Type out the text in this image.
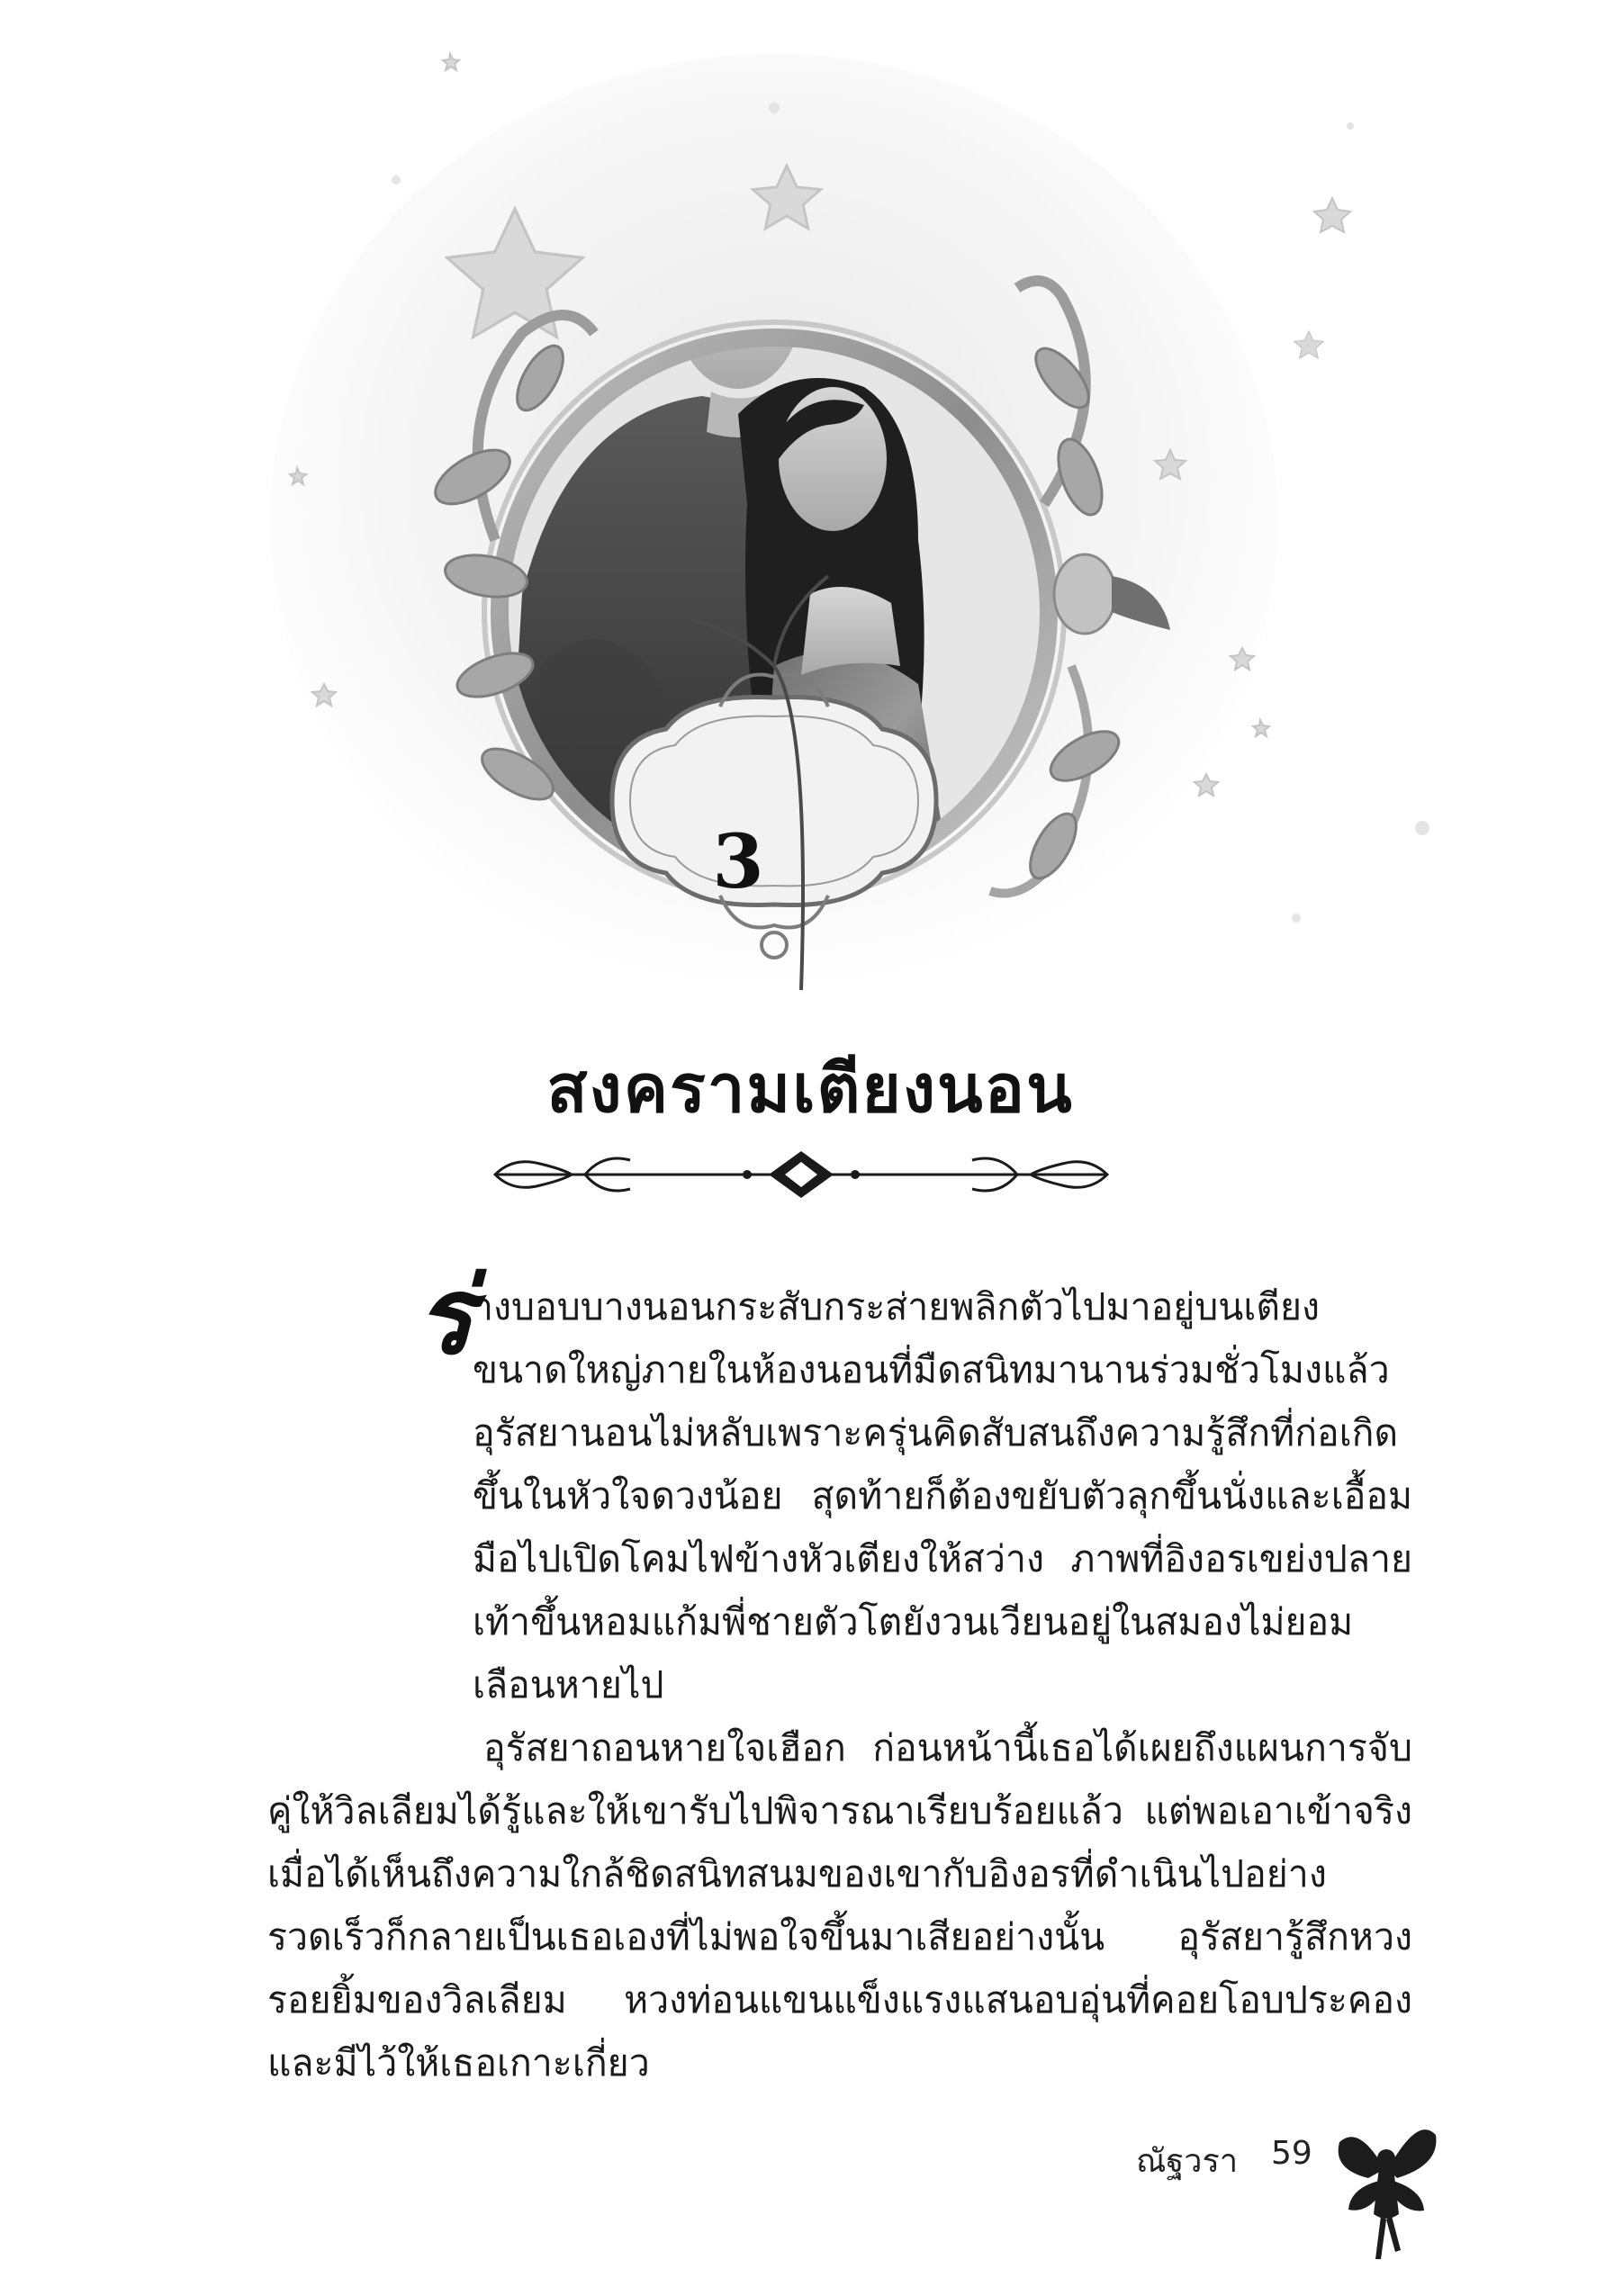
3
สงครามเตียงนอน

ร่ างบอบบางนอนกระสับกระส่ายพลิกตัวไปมาอยู่บนเตียงขนาดใหญ่ภายในห้องนอนที่มืดสนิทมานานร่วมชั่วโมงแล้ว อุรัสยานอนไม่หลับเพราะครุ่นคิดสับสนถึงความรู้สึกที่ก่อเกิดขึ้นในหัวใจดวงน้อย สุดท้ายก็ต้องขยับตัวลุกขึ้นนั่งและเอื้อมมือไปเปิดโคมไฟข้างหัวเตียงให้สว่าง ภาพที่อิงอรเขย่งปลายเท้าขึ้นหอมแก้มพี่ชายตัวโตยังวนเวียนอยู่ในสมองไม่ยอมเลือนหายไป

อุรัสยาถอนหายใจเฮือก ก่อนหน้านี้เธอได้เผยถึงแผนการจับคู่ให้วิลเลียมได้รู้และให้เขารับไปพิจารณาเรียบร้อยแล้ว แต่พอเอาเข้าจริงเมื่อได้เห็นถึงความใกล้ชิดสนิทสนมของเขากับอิงอรที่ดำเนินไปอย่างรวดเร็วก็กลายเป็นเธอเองที่ไม่พอใจขึ้นมาเสียอย่างนั้น อุรัสยารู้สึกหวงรอยยิ้มของวิลเลียม หวงท่อนแขนแข็งแรงแสนอบอุ่นที่คอยโอบประคองและมีไว้ให้เธอเกาะเกี่ยว

ณัฐวรา 59
